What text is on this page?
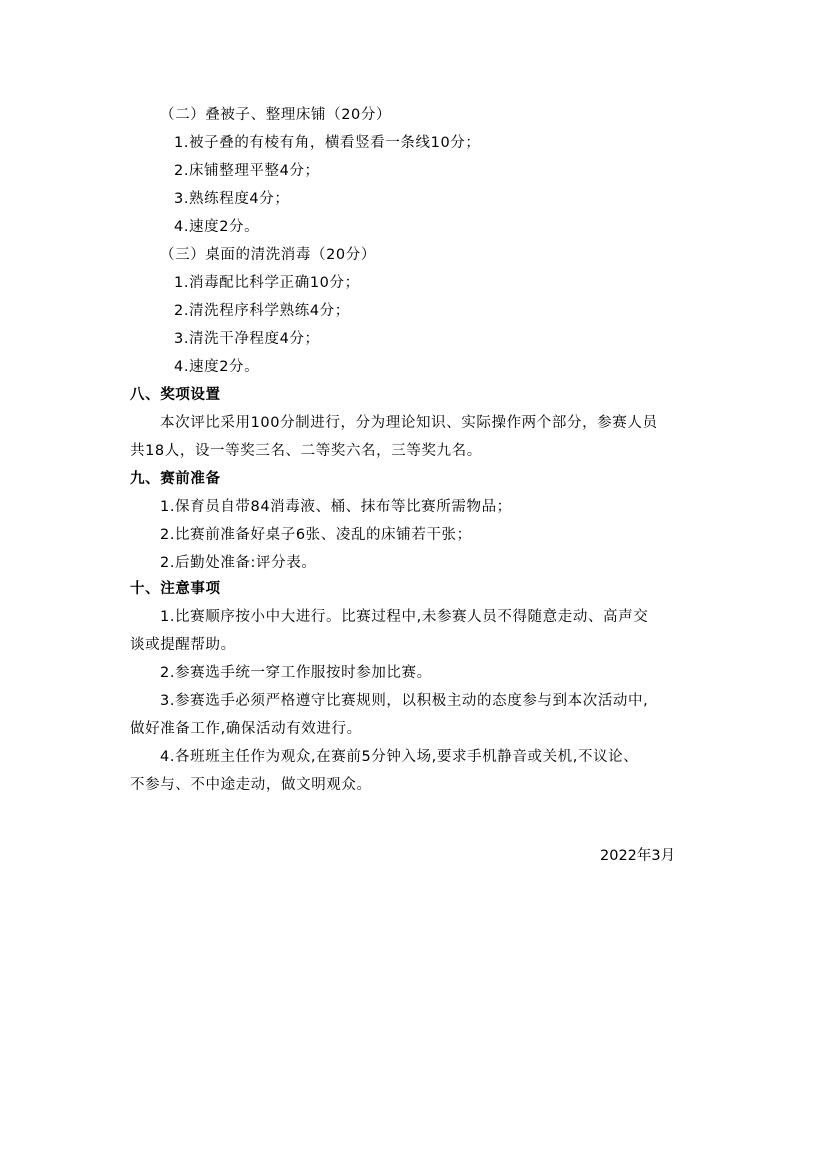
（二）叠被子、整理床铺（20分）
1.被子叠的有棱有角，横看竖看一条线10分；
2.床铺整理平整4分；
3.熟练程度4分；
4.速度2分。
（三）桌面的清洗消毒（20分）
1.消毒配比科学正确10分；
2.清洗程序科学熟练4分；
3.清洗干净程度4分；
4.速度2分。
八、奖项设置
本次评比采用100分制进行，分为理论知识、实际操作两个部分，参赛人员
共18人，设一等奖三名、二等奖六名，三等奖九名。
九、赛前准备
1.保育员自带84消毒液、桶、抹布等比赛所需物品；
2.比赛前准备好桌子6张、凌乱的床铺若干张；
2.后勤处准备:评分表。
十、注意事项
1.比赛顺序按小中大进行。比赛过程中,未参赛人员不得随意走动、高声交
谈或提醒帮助。
2.参赛选手统一穿工作服按时参加比赛。
3.参赛选手必须严格遵守比赛规则，以积极主动的态度参与到本次活动中,
做好准备工作,确保活动有效进行。
4.各班班主任作为观众,在赛前5分钟入场,要求手机静音或关机,不议论、
不参与、不中途走动，做文明观众。
2022年3月
